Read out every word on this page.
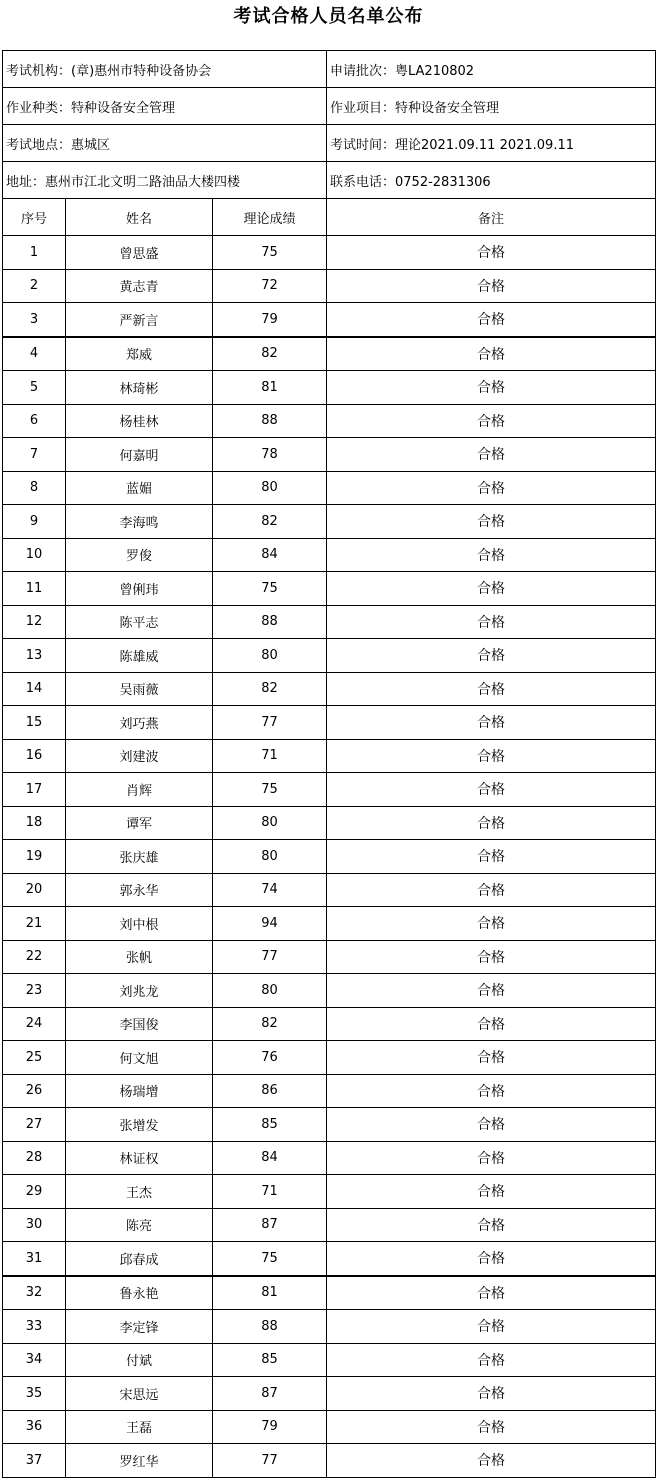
考试合格人员名单公布
考试机构：(章)惠州市特种设备协会			申请批次：粤LA210802
作业种类：特种设备安全管理			作业项目：特种设备安全管理
考试地点：惠城区			考试时间：理论2021.09.11 2021.09.11
地址：惠州市江北文明二路油品大楼四楼			联系电话：0752-2831306
序号	姓名	理论成绩	备注
1	曾思盛	75	合格
2	黄志青	72	合格
3	严新言	79	合格
4	郑威	82	合格
5	林琦彬	81	合格
6	杨桂林	88	合格
7	何嘉明	78	合格
8	蓝媚	80	合格
9	李海鸣	82	合格
10	罗俊	84	合格
11	曾俐玮	75	合格
12	陈平志	88	合格
13	陈雄威	80	合格
14	吴雨薇	82	合格
15	刘巧燕	77	合格
16	刘建波	71	合格
17	肖辉	75	合格
18	谭军	80	合格
19	张庆雄	80	合格
20	郭永华	74	合格
21	刘中根	94	合格
22	张帆	77	合格
23	刘兆龙	80	合格
24	李国俊	82	合格
25	何文旭	76	合格
26	杨瑞增	86	合格
27	张增发	85	合格
28	林证权	84	合格
29	王杰	71	合格
30	陈亮	87	合格
31	邱春成	75	合格
32	鲁永艳	81	合格
33	李定锋	88	合格
34	付斌	85	合格
35	宋思远	87	合格
36	王磊	79	合格
37	罗红华	77	合格
